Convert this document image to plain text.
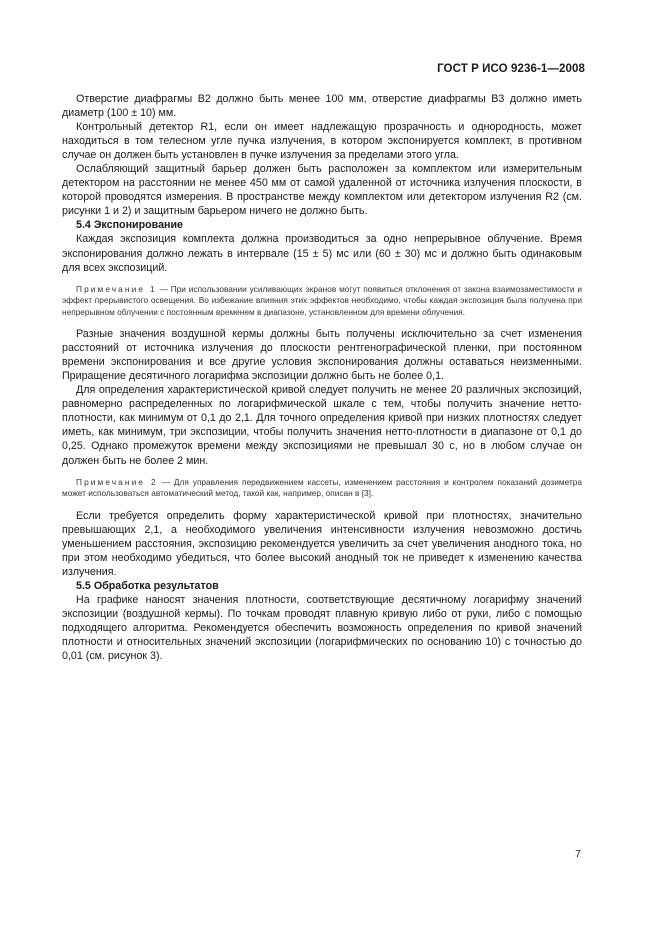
ГОСТ Р ИСО 9236-1—2008

Отверстие диафрагмы B2 должно быть менее 100 мм, отверстие диафрагмы B3 должно иметь диаметр (100 ± 10) мм.

Контрольный детектор R1, если он имеет надлежащую прозрачность и однородность, может находиться в том телесном угле пучка излучения, в котором экспонируется комплект, в противном случае он должен быть установлен в пучке излучения за пределами этого угла.

Ослабляющий защитный барьер должен быть расположен за комплектом или измерительным детектором на расстоянии не менее 450 мм от самой удаленной от источника излучения плоскости, в которой проводятся измерения. В пространстве между комплектом или детектором излучения R2 (см. рисунки 1 и 2) и защитным барьером ничего не должно быть.

5.4 Экспонирование

Каждая экспозиция комплекта должна производиться за одно непрерывное облучение. Время экспонирования должно лежать в интервале (15 ± 5) мс или (60 ± 30) мс и должно быть одинаковым для всех экспозиций.

Примечание 1 — При использовании усиливающих экранов могут появиться отклонения от закона взаимозаместимости и эффект прерывистого освещения. Во избежание влияния этих эффектов необходимо, чтобы каждая экспозиция была получена при непрерывном облучении с постоянным временем в диапазоне, установленном для времени облучения.

Разные значения воздушной кермы должны быть получены исключительно за счет изменения расстояний от источника излучения до плоскости рентгенографической пленки, при постоянном времени экспонирования и все другие условия экспонирования должны оставаться неизменными. Приращение десятичного логарифма экспозиции должно быть не более 0,1.

Для определения характеристической кривой следует получить не менее 20 различных экспозиций, равномерно распределенных по логарифмической шкале с тем, чтобы получить значение нетто-плотности, как минимум от 0,1 до 2,1. Для точного определения кривой при низких плотностях следует иметь, как минимум, три экспозиции, чтобы получить значения нетто-плотности в диапазоне от 0,1 до 0,25. Однако промежуток времени между экспозициями не превышал 30 с, но в любом случае он должен быть не более 2 мин.

Примечание 2 — Для управления передвижением кассеты, изменением расстояния и контролем показаний дозиметра может использоваться автоматический метод, такой как, например, описан в [3].

Если требуется определить форму характеристической кривой при плотностях, значительно превышающих 2,1, а необходимого увеличения интенсивности излучения невозможно достичь уменьшением расстояния, экспозицию рекомендуется увеличить за счет увеличения анодного тока, но при этом необходимо убедиться, что более высокий анодный ток не приведет к изменению качества излучения.

5.5 Обработка результатов

На графике наносят значения плотности, соответствующие десятичному логарифму значений экспозиции (воздушной кермы). По точкам проводят плавную кривую либо от руки, либо с помощью подходящего алгоритма. Рекомендуется обеспечить возможность определения по кривой значений плотности и относительных значений экспозиции (логарифмических по основанию 10) с точностью до 0,01 (см. рисунок 3).

7
